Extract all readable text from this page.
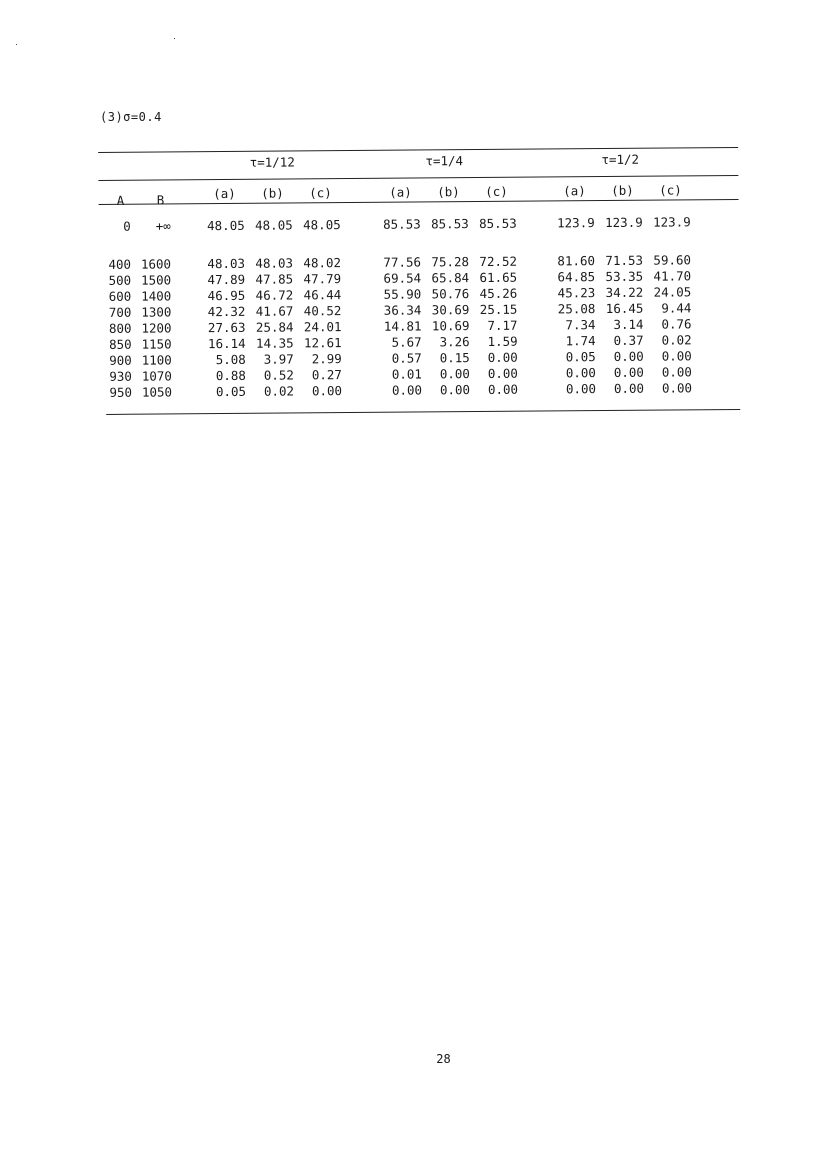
(3)σ=0.4
τ=1/12	τ=1/4	τ=1/2
A	B	(a)	(b)	(c)	(a)	(b)	(c)	(a)	(b)	(c)
0	+∞	48.05 48.05 48.05	85.53 85.53 85.53	123.9 123.9 123.9
400 1600	48.03 48.03 48.02	77.56 75.28 72.52	81.60 71.53 59.60
500 1500	47.89 47.85 47.79	69.54 65.84 61.65	64.85 53.35 41.70
600 1400	46.95 46.72 46.44	55.90 50.76 45.26	45.23 34.22 24.05
700 1300	42.32 41.67 40.52	36.34 30.69 25.15	25.08 16.45	9.44
800 1200	27.63 25.84 24.01	14.81 10.69	7.17	7.34	3.14	0.76
850 1150	16.14 14.35 12.61	5.67	3.26	1.59	1.74	0.37	0.02
900 1100	5.08	3.97	2.99	0.57	0.15	0.00	0.05	0.00	0.00
930 1070	0.88	0.52	0.27	0.01	0.00	0.00	0.00	0.00	0.00
950 1050	0.05	0.02	0.00	0.00	0.00	0.00	0.00	0.00	0.00
28
